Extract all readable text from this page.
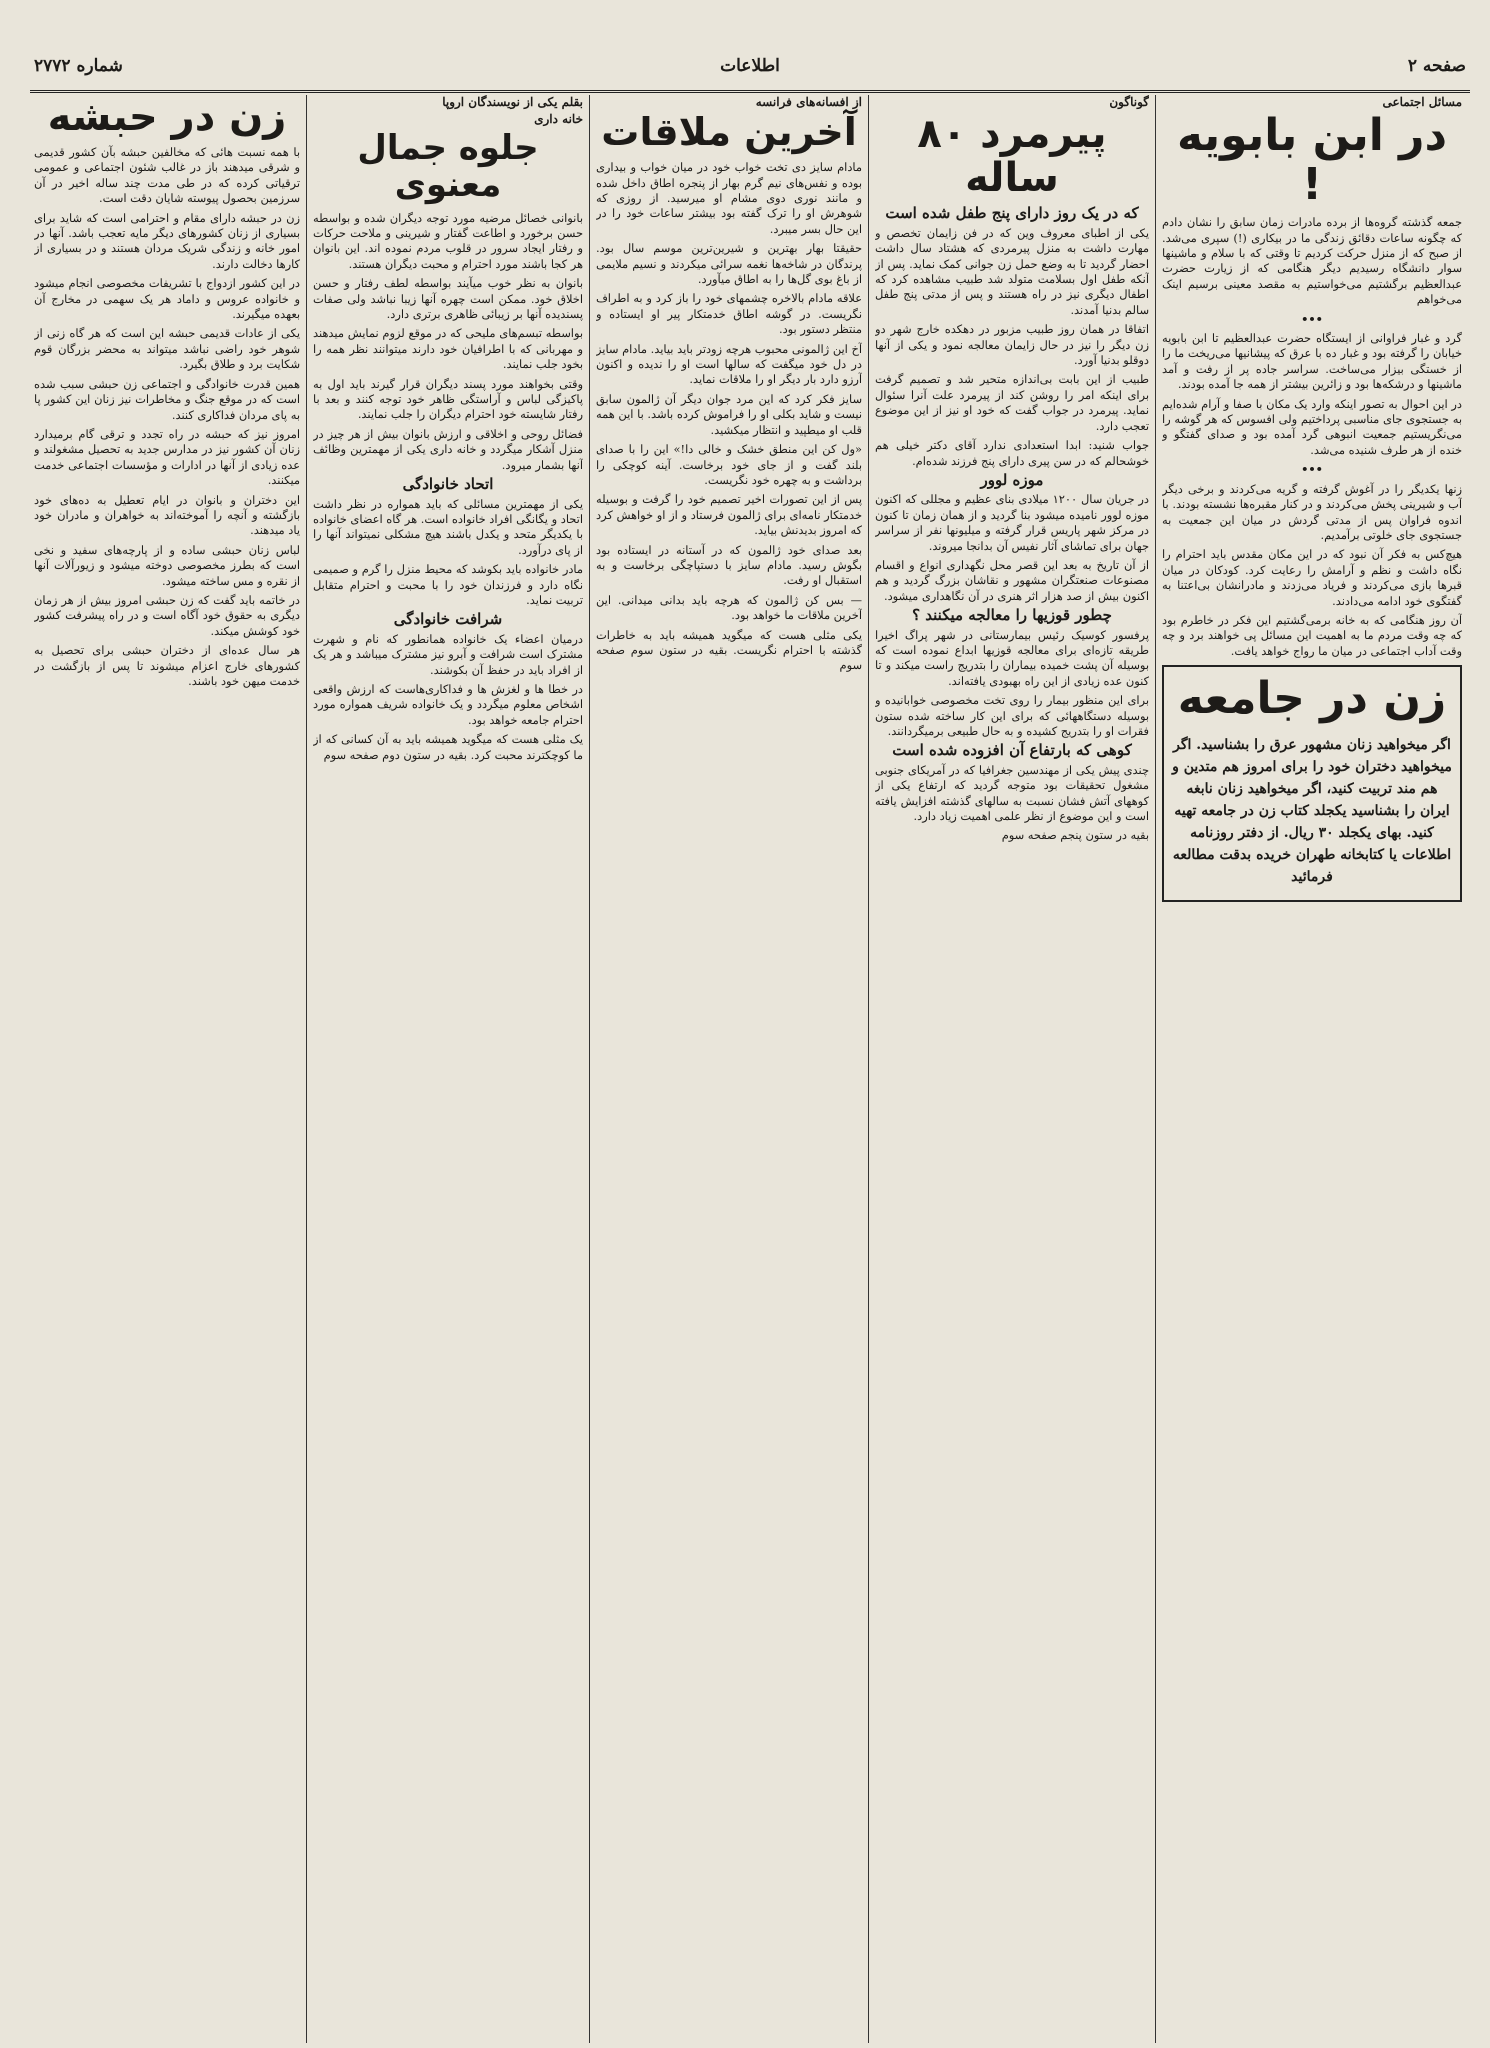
شماره ۲۷۷۲	اطلاعات	صفحه ۲
مسائل اجتماعی
در ابن بابویه !

جمعه گذشته گروه‌ها از برده مادرات زمان سابق را نشان دادم که چگونه ساعات دقائق زندگی ما در بیکاری (!) سپری می‌شد. از صبح که از منزل حرکت کردیم تا وقتی که با سلام و ماشینها سوار دانشگاه رسیدیم دیگر هنگامی که از زیارت حضرت عبدالعظیم برگشتیم می‌خواستیم به مقصد معینی برسیم اینک می‌خواهم

•••

گرد و غبار فراوانی از ایستگاه حضرت عبدالعظیم تا ابن بابویه خیابان را گرفته بود و غبار ده با عرق که پیشانیها می‌ریخت ما را از خستگی بیزار می‌ساخت. سراسر جاده پر از رفت و آمد ماشینها و درشکه‌ها بود و زائرین بیشتر از همه جا آمده بودند.

در این احوال به تصور اینکه وارد یک مکان با صفا و آرام شده‌ایم به جستجوی جای مناسبی پرداختیم ولی افسوس که هر گوشه را می‌نگریستیم جمعیت انبوهی گرد آمده بود و صدای گفتگو و خنده از هر طرف شنیده می‌شد.

•••

زنها یکدیگر را در آغوش گرفته و گریه می‌کردند و برخی دیگر آب و شیرینی پخش می‌کردند و در کنار مقبره‌ها نشسته بودند. با اندوه فراوان پس از مدتی گردش در میان این جمعیت به جستجوی جای خلوتی برآمدیم.

هیچ‌کس به فکر آن نبود که در این مکان مقدس باید احترام را نگاه داشت و نظم و آرامش را رعایت کرد. کودکان در میان قبرها بازی می‌کردند و فریاد می‌زدند و مادرانشان بی‌اعتنا به گفتگوی خود ادامه می‌دادند.

آن روز هنگامی که به خانه برمی‌گشتیم این فکر در خاطرم بود که چه وقت مردم ما به اهمیت این مسائل پی خواهند برد و چه وقت آداب اجتماعی در میان ما رواج خواهد یافت.

زن در جامعه

اگر میخواهید زنان مشهور عرق را بشناسید. اگر میخواهید دختران خود را برای امروز هم متدین و هم مند تربیت کنید، اگر میخواهید زنان نابغه ایران را بشناسید یکجلد کتاب زن در جامعه تهیه کنید. بهای یکجلد ۳۰ ریال. از دفتر روزنامه اطلاعات یا کتابخانه طهران خریده بدقت مطالعه فرمائید

گوناگون
پیرمرد ۸۰ ساله
که در یک روز دارای پنج طفل شده است

یکی از اطبای معروف وین که در فن زایمان تخصص و مهارت داشت به منزل پیرمردی که هشتاد سال داشت احضار گردید تا به وضع حمل زن جوانی کمک نماید. پس از آنکه طفل اول بسلامت متولد شد طبیب مشاهده کرد که اطفال دیگری نیز در راه هستند و پس از مدتی پنج طفل سالم بدنیا آمدند.

اتفاقا در همان روز طبیب مزبور در دهکده خارج شهر دو زن دیگر را نیز در حال زایمان معالجه نمود و یکی از آنها دوقلو بدنیا آورد.

طبیب از این بابت بی‌اندازه متحیر شد و تصمیم گرفت برای اینکه امر را روشن کند از پیرمرد علت آنرا سئوال نماید. پیرمرد در جواب گفت که خود او نیز از این موضوع تعجب دارد.

جواب شنید: ابدا استعدادی ندارد آقای دکتر خیلی هم خوشحالم که در سن پیری دارای پنج فرزند شده‌ام.

موزه لوور

در جریان سال ۱۲۰۰ میلادی بنای عظیم و مجللی که اکنون موزه لوور نامیده میشود بنا گردید و از همان زمان تا کنون در مرکز شهر پاریس قرار گرفته و میلیونها نفر از سراسر جهان برای تماشای آثار نفیس آن بدانجا میروند.

از آن تاریخ به بعد این قصر محل نگهداری انواع و اقسام مصنوعات صنعتگران مشهور و نقاشان بزرگ گردید و هم اکنون بیش از صد هزار اثر هنری در آن نگاهداری میشود.

چطور قوزیها را معالجه میکنند ؟

پرفسور کوسیک رئیس بیمارستانی در شهر پراگ اخیرا طریقه تازه‌ای برای معالجه قوزیها ابداع نموده است که بوسیله آن پشت خمیده بیماران را بتدریج راست میکند و تا کنون عده زیادی از این راه بهبودی یافته‌اند.

برای این منظور بیمار را روی تخت مخصوصی خوابانیده و بوسیله دستگاههائی که برای این کار ساخته شده ستون فقرات او را بتدریج کشیده و به حال طبیعی برمیگردانند.

کوهی که بارتفاع آن افزوده شده است

چندی پیش یکی از مهندسین جغرافیا که در آمریکای جنوبی مشغول تحقیقات بود متوجه گردید که ارتفاع یکی از کوههای آتش فشان نسبت به سالهای گذشته افزایش یافته است و این موضوع از نظر علمی اهمیت زیاد دارد.

بقیه در ستون پنجم صفحه سوم

از افسانه‌های فرانسه
آخرین ملاقات

مادام سایز دی تخت خواب خود در میان خواب و بیداری بوده و نفس‌های نیم گرم بهار از پنجره اطاق داخل شده و مانند نوری دوی مشام او میرسید. از روزی که شوهرش او را ترک گفته بود بیشتر ساعات خود را در این حال بسر میبرد.

حقیقتا بهار بهترین و شیرین‌ترین موسم سال بود. پرندگان در شاخه‌ها نغمه سرائی میکردند و نسیم ملایمی از باغ بوی گل‌ها را به اطاق میآورد.

علاقه مادام بالاخره چشمهای خود را باز کرد و به اطراف نگریست. در گوشه اطاق خدمتکار پیر او ایستاده و منتظر دستور بود.

آخ این ژالمونی محبوب هرچه زودتر باید بیاید. مادام سایز در دل خود میگفت که سالها است او را ندیده و اکنون آرزو دارد بار دیگر او را ملاقات نماید.

سایز فکر کرد که این مرد جوان دیگر آن ژالمون سابق نیست و شاید بکلی او را فراموش کرده باشد. با این همه قلب او میطپید و انتظار میکشید.

«ول کن این منطق خشک و خالی دا!» این را با صدای بلند گفت و از جای خود برخاست. آینه کوچکی را برداشت و به چهره خود نگریست.

پس از این تصورات اخیر تصمیم خود را گرفت و بوسیله خدمتکار نامه‌ای برای ژالمون فرستاد و از او خواهش کرد که امروز بدیدنش بیاید.

بعد صدای خود ژالمون که در آستانه در ایستاده بود بگوش رسید. مادام سایز با دستپاچگی برخاست و به استقبال او رفت.

— بس کن ژالمون که هرچه باید بدانی میدانی. این آخرین ملاقات ما خواهد بود.

یکی مثلی هست که میگوید همیشه باید به خاطرات گذشته با احترام نگریست. بقیه در ستون سوم صفحه سوم

بقلم یکی از نویسندگان اروپا
خانه داری
جلوه جمال معنوی

بانوانی خصائل مرضیه مورد توجه دیگران شده و بواسطه حسن برخورد و اطاعت گفتار و شیرینی و ملاحت حرکات و رفتار ایجاد سرور در قلوب مردم نموده اند. این بانوان هر کجا باشند مورد احترام و محبت دیگران هستند.

بانوان به نظر خوب میآیند بواسطه لطف رفتار و حسن اخلاق خود. ممکن است چهره آنها زیبا نباشد ولی صفات پسندیده آنها بر زیبائی ظاهری برتری دارد.

بواسطه تبسم‌های ملیحی که در موقع لزوم نمایش میدهند و مهربانی که با اطرافیان خود دارند میتوانند نظر همه را بخود جلب نمایند.

وقتی بخواهند مورد پسند دیگران قرار گیرند باید اول به پاکیزگی لباس و آراستگی ظاهر خود توجه کنند و بعد با رفتار شایسته خود احترام دیگران را جلب نمایند.

فضائل روحی و اخلاقی و ارزش بانوان بیش از هر چیز در منزل آشکار میگردد و خانه داری یکی از مهمترین وظائف آنها بشمار میرود.

اتحاد خانوادگی

یکی از مهمترین مسائلی که باید همواره در نظر داشت اتحاد و یگانگی افراد خانواده است. هر گاه اعضای خانواده با یکدیگر متحد و یکدل باشند هیچ مشکلی نمیتواند آنها را از پای درآورد.

مادر خانواده باید بکوشد که محیط منزل را گرم و صمیمی نگاه دارد و فرزندان خود را با محبت و احترام متقابل تربیت نماید.

شرافت خانوادگی

درمیان اعضاء یک خانواده همانطور که نام و شهرت مشترک است شرافت و آبرو نیز مشترک میباشد و هر یک از افراد باید در حفظ آن بکوشند.

در خطا ها و لغزش ها و فداکاری‌هاست که ارزش واقعی اشخاص معلوم میگردد و یک خانواده شریف همواره مورد احترام جامعه خواهد بود.

یک مثلی هست که میگوید همیشه باید به آن کسانی که از ما کوچکترند محبت کرد. بقیه در ستون دوم صفحه سوم

زن در حبشه

با همه نسبت هائی که مخالفین حبشه بآن کشور قدیمی و شرقی میدهند باز در غالب شئون اجتماعی و عمومی ترقیاتی کرده که در طی مدت چند ساله اخیر در آن سرزمین بحصول پیوسته شایان دقت است.

زن در حبشه دارای مقام و احترامی است که شاید برای بسیاری از زنان کشورهای دیگر مایه تعجب باشد. آنها در امور خانه و زندگی شریک مردان هستند و در بسیاری از کارها دخالت دارند.

در این کشور ازدواج با تشریفات مخصوصی انجام میشود و خانواده عروس و داماد هر یک سهمی در مخارج آن بعهده میگیرند.

یکی از عادات قدیمی حبشه این است که هر گاه زنی از شوهر خود راضی نباشد میتواند به محضر بزرگان قوم شکایت برد و طلاق بگیرد.

همین قدرت خانوادگی و اجتماعی زن حبشی سبب شده است که در موقع جنگ و مخاطرات نیز زنان این کشور پا به پای مردان فداکاری کنند.

امروز نیز که حبشه در راه تجدد و ترقی گام برمیدارد زنان آن کشور نیز در مدارس جدید به تحصیل مشغولند و عده زیادی از آنها در ادارات و مؤسسات اجتماعی خدمت میکنند.

این دختران و بانوان در ایام تعطیل به ده‌های خود بازگشته و آنچه را آموخته‌اند به خواهران و مادران خود یاد میدهند.

لباس زنان حبشی ساده و از پارچه‌های سفید و نخی است که بطرز مخصوصی دوخته میشود و زیورآلات آنها از نقره و مس ساخته میشود.

در خاتمه باید گفت که زن حبشی امروز بیش از هر زمان دیگری به حقوق خود آگاه است و در راه پیشرفت کشور خود کوشش میکند.

هر سال عده‌ای از دختران حبشی برای تحصیل به کشورهای خارج اعزام میشوند تا پس از بازگشت در خدمت میهن خود باشند.
